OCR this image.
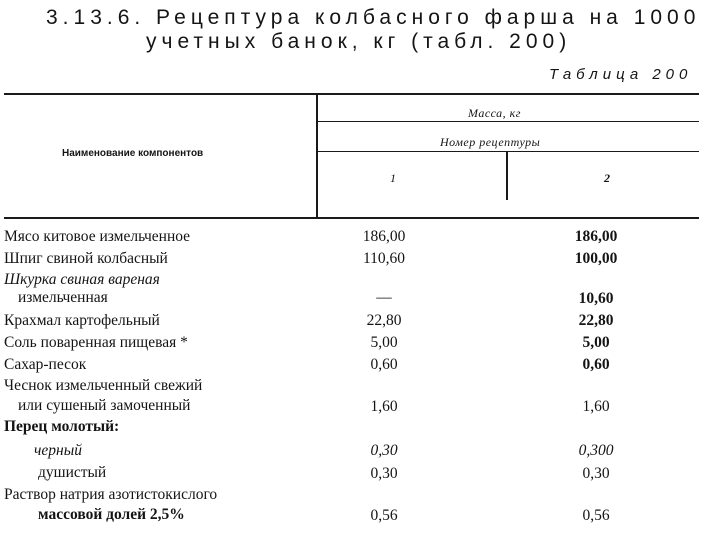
3.13.6. Рецептура колбасного фарша на 1000
учетных банок, кг (табл. 200)
Таблица 200
Наименование компонентов
Масса, кг
Номер рецептуры
1	2
Мясо китовое измельченное	186,00	186,00
Шпиг свиной колбасный	110,60	100,00
Шкурка свиная вареная
измельченная	—	10,60
Крахмал картофельный	22,80	22,80
Соль поваренная пищевая *	5,00	5,00
Сахар-песок	0,60	0,60
Чеснок измельченный свежий
или сушеный замоченный	1,60	1,60
Перец молотый:
черный	0,30	0,300
душистый	0,30	0,30
Раствор натрия азотистокислого
массовой долей 2,5%	0,56	0,56
